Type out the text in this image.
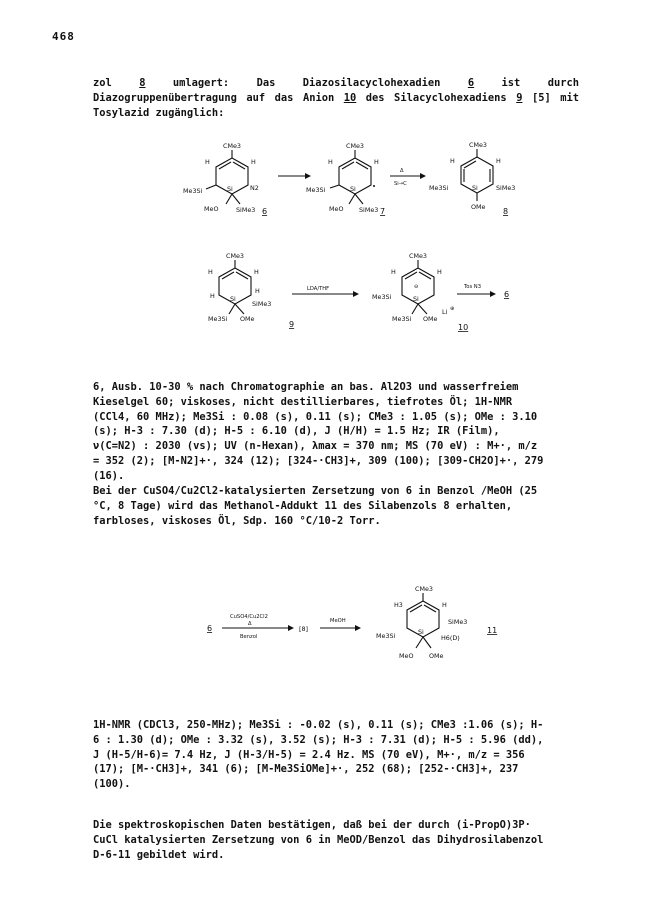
468

zol 8 umlagert: Das Diazosilacyclohexadien 6 ist durch Diazogruppenübertragung auf das Anion 10 des Silacyclohexadiens 9 [5] mit Tosylazid zugänglich:

CMe3
H	H
Me3Si	Si	N2
MeO	SiMe3 6
CMe3
H	H
Me3Si	Si
MeO SiMe3 7
Δ
Si→C
CMe3
H	H
Me3Si	Si	SiMe3
OMe 8
CMe3
H	H
H
H Si
SiMe3
Me3Si OMe
9
LDA/THF
CMe3
H	H
⊖
Si
Me3Si
Me3Si OMe
Li ⊕
10
Tos N3
6
6, Ausb. 10-30 % nach Chromatographie an bas. Al2O3 und wasserfreiem
Kieselgel 60; viskoses, nicht destillierbares, tiefrotes Öl; 1H-NMR
(CCl4, 60 MHz); Me3Si : 0.08 (s), 0.11 (s); CMe3 : 1.05 (s); OMe : 3.10
(s); H-3 : 7.30 (d); H-5 : 6.10 (d), J (H/H) = 1.5 Hz; IR (Film),
ν(C=N2) : 2030 (vs); UV (n-Hexan), λmax = 370 nm; MS (70 eV) : M+·, m/z
= 352 (2); [M-N2]+·, 324 (12); [324-·CH3]+, 309 (100); [309-CH2O]+·, 279
(16).
Bei der CuSO4/Cu2Cl2-katalysierten Zersetzung von 6 in Benzol /MeOH (25
°C, 8 Tage) wird das Methanol-Addukt 11 des Silabenzols 8 erhalten,
farbloses, viskoses Öl, Sdp. 160 °C/10-2 Torr.
6
CuSO4/Cu2Cl2
Δ
Benzol
[8]
MeOH
CMe3
H3	H
SiMe3
Si
Me3Si	H6(D)
MeO OMe
11
1H-NMR (CDCl3, 250-MHz); Me3Si : -0.02 (s), 0.11 (s); CMe3 :1.06 (s); H-
6 : 1.30 (d); OMe : 3.32 (s), 3.52 (s); H-3 : 7.31 (d); H-5 : 5.96 (dd),
J (H-5/H-6)= 7.4 Hz, J (H-3/H-5) = 2.4 Hz. MS (70 eV), M+·, m/z = 356
(17); [M-·CH3]+, 341 (6); [M-Me3SiOMe]+·, 252 (68); [252-·CH3]+, 237
(100).
Die spektroskopischen Daten bestätigen, daß bei der durch (i-PropO)3P·
CuCl katalysierten Zersetzung von 6 in MeOD/Benzol das Dihydrosilabenzol
D-6-11 gebildet wird.
